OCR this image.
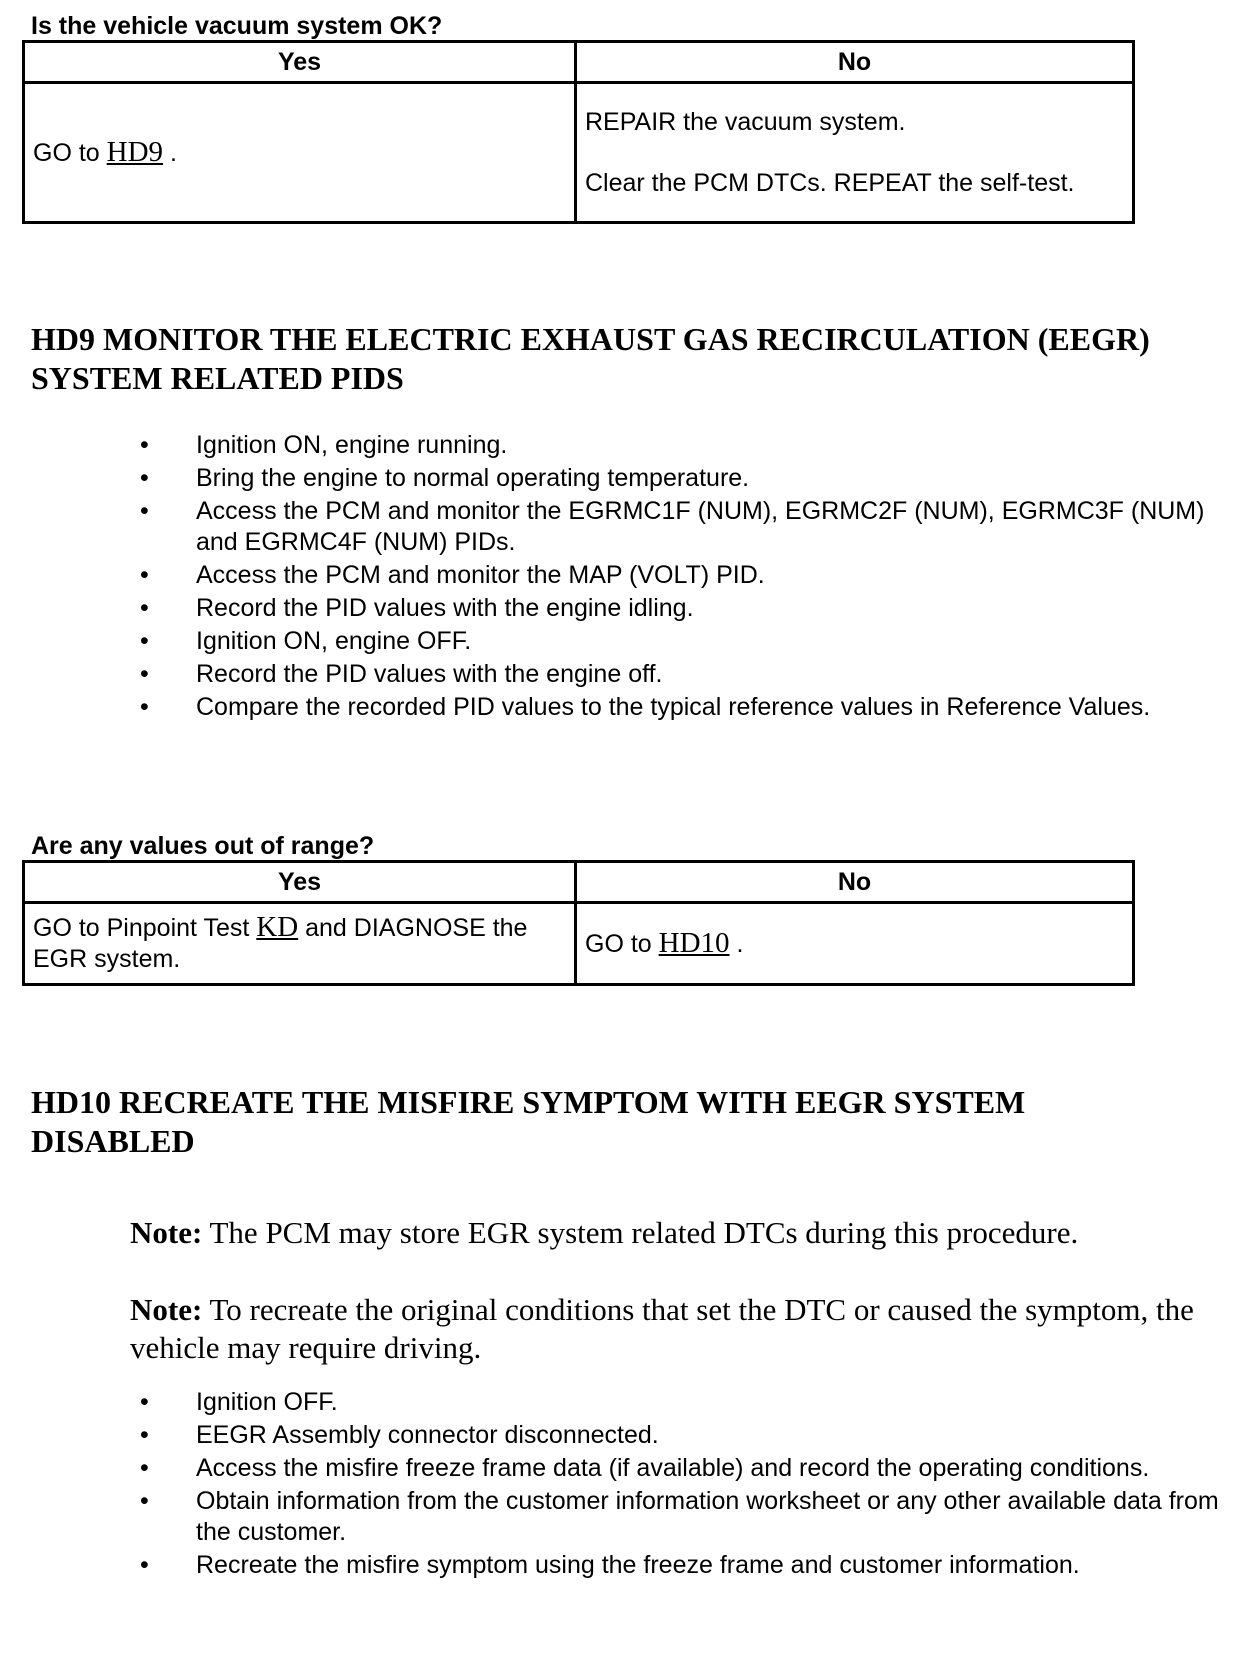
Is the vehicle vacuum system OK?
Yes	No
GO to HD9 .	REPAIR the vacuum system.
Clear the PCM DTCs. REPEAT the self-test.
HD9 MONITOR THE ELECTRIC EXHAUST GAS RECIRCULATION (EEGR) SYSTEM RELATED PIDS
• Ignition ON, engine running.
• Bring the engine to normal operating temperature.
• Access the PCM and monitor the EGRMC1F (NUM), EGRMC2F (NUM), EGRMC3F (NUM) and EGRMC4F (NUM) PIDs.
• Access the PCM and monitor the MAP (VOLT) PID.
• Record the PID values with the engine idling.
• Ignition ON, engine OFF.
• Record the PID values with the engine off.
• Compare the recorded PID values to the typical reference values in Reference Values.
Are any values out of range?
Yes	No
GO to Pinpoint Test KD and DIAGNOSE the EGR system.	GO to HD10 .
HD10 RECREATE THE MISFIRE SYMPTOM WITH EEGR SYSTEM DISABLED

Note: The PCM may store EGR system related DTCs during this procedure.

Note: To recreate the original conditions that set the DTC or caused the symptom, the vehicle may require driving.

• Ignition OFF.
• EEGR Assembly connector disconnected.
• Access the misfire freeze frame data (if available) and record the operating conditions.
• Obtain information from the customer information worksheet or any other available data from the customer.
• Recreate the misfire symptom using the freeze frame and customer information.
